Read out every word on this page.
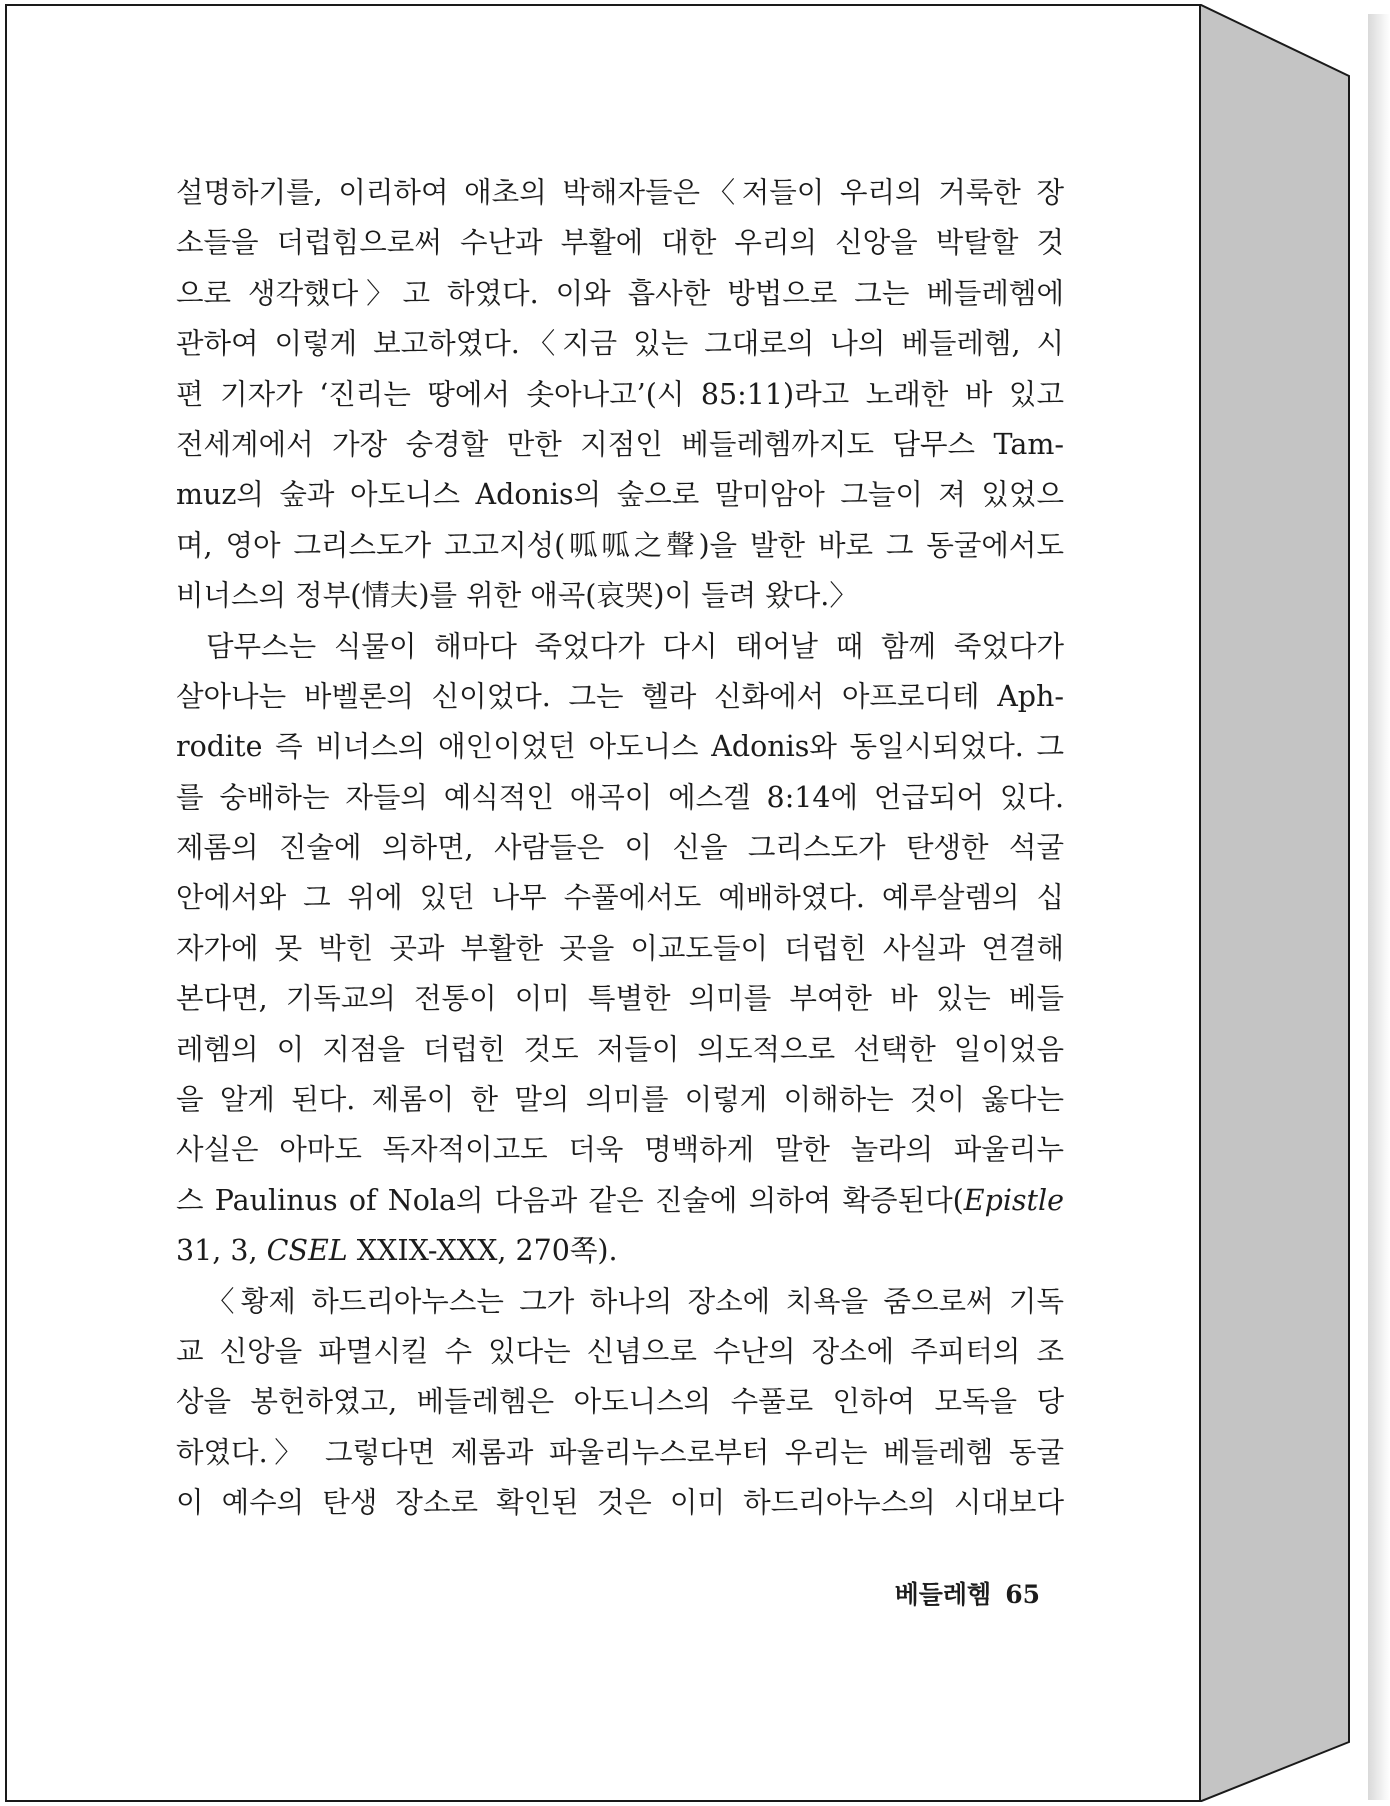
설명하기를, 이리하여 애초의 박해자들은〈저들이 우리의 거룩한 장
소들을 더럽힘으로써 수난과 부활에 대한 우리의 신앙을 박탈할 것
으로 생각했다〉고 하였다. 이와 흡사한 방법으로 그는 베들레헴에
관하여 이렇게 보고하였다.〈지금 있는 그대로의 나의 베들레헴, 시
편 기자가 ‘진리는 땅에서 솟아나고’(시 85:11)라고 노래한 바 있고
전세계에서 가장 숭경할 만한 지점인 베들레헴까지도 담무스 Tam-
muz의 숲과 아도니스 Adonis의 숲으로 말미암아 그늘이 져 있었으
며, 영아 그리스도가 고고지성(呱呱之聲)을 발한 바로 그 동굴에서도
비너스의 정부(情夫)를 위한 애곡(哀哭)이 들려 왔다.〉
담무스는 식물이 해마다 죽었다가 다시 태어날 때 함께 죽었다가
살아나는 바벨론의 신이었다. 그는 헬라 신화에서 아프로디테 Aph-
rodite 즉 비너스의 애인이었던 아도니스 Adonis와 동일시되었다. 그
를 숭배하는 자들의 예식적인 애곡이 에스겔 8:14에 언급되어 있다.
제롬의 진술에 의하면, 사람들은 이 신을 그리스도가 탄생한 석굴
안에서와 그 위에 있던 나무 수풀에서도 예배하였다. 예루살렘의 십
자가에 못 박힌 곳과 부활한 곳을 이교도들이 더럽힌 사실과 연결해
본다면, 기독교의 전통이 이미 특별한 의미를 부여한 바 있는 베들
레헴의 이 지점을 더럽힌 것도 저들이 의도적으로 선택한 일이었음
을 알게 된다. 제롬이 한 말의 의미를 이렇게 이해하는 것이 옳다는
사실은 아마도 독자적이고도 더욱 명백하게 말한 놀라의 파울리누
스 Paulinus of Nola의 다음과 같은 진술에 의하여 확증된다(Epistle
31, 3, CSEL XXIX-XXX, 270쪽).
〈황제 하드리아누스는 그가 하나의 장소에 치욕을 줌으로써 기독
교 신앙을 파멸시킬 수 있다는 신념으로 수난의 장소에 주피터의 조
상을 봉헌하였고, 베들레헴은 아도니스의 수풀로 인하여 모독을 당
하였다.〉 그렇다면 제롬과 파울리누스로부터 우리는 베들레헴 동굴
이 예수의 탄생 장소로 확인된 것은 이미 하드리아누스의 시대보다
베들레헴 65
